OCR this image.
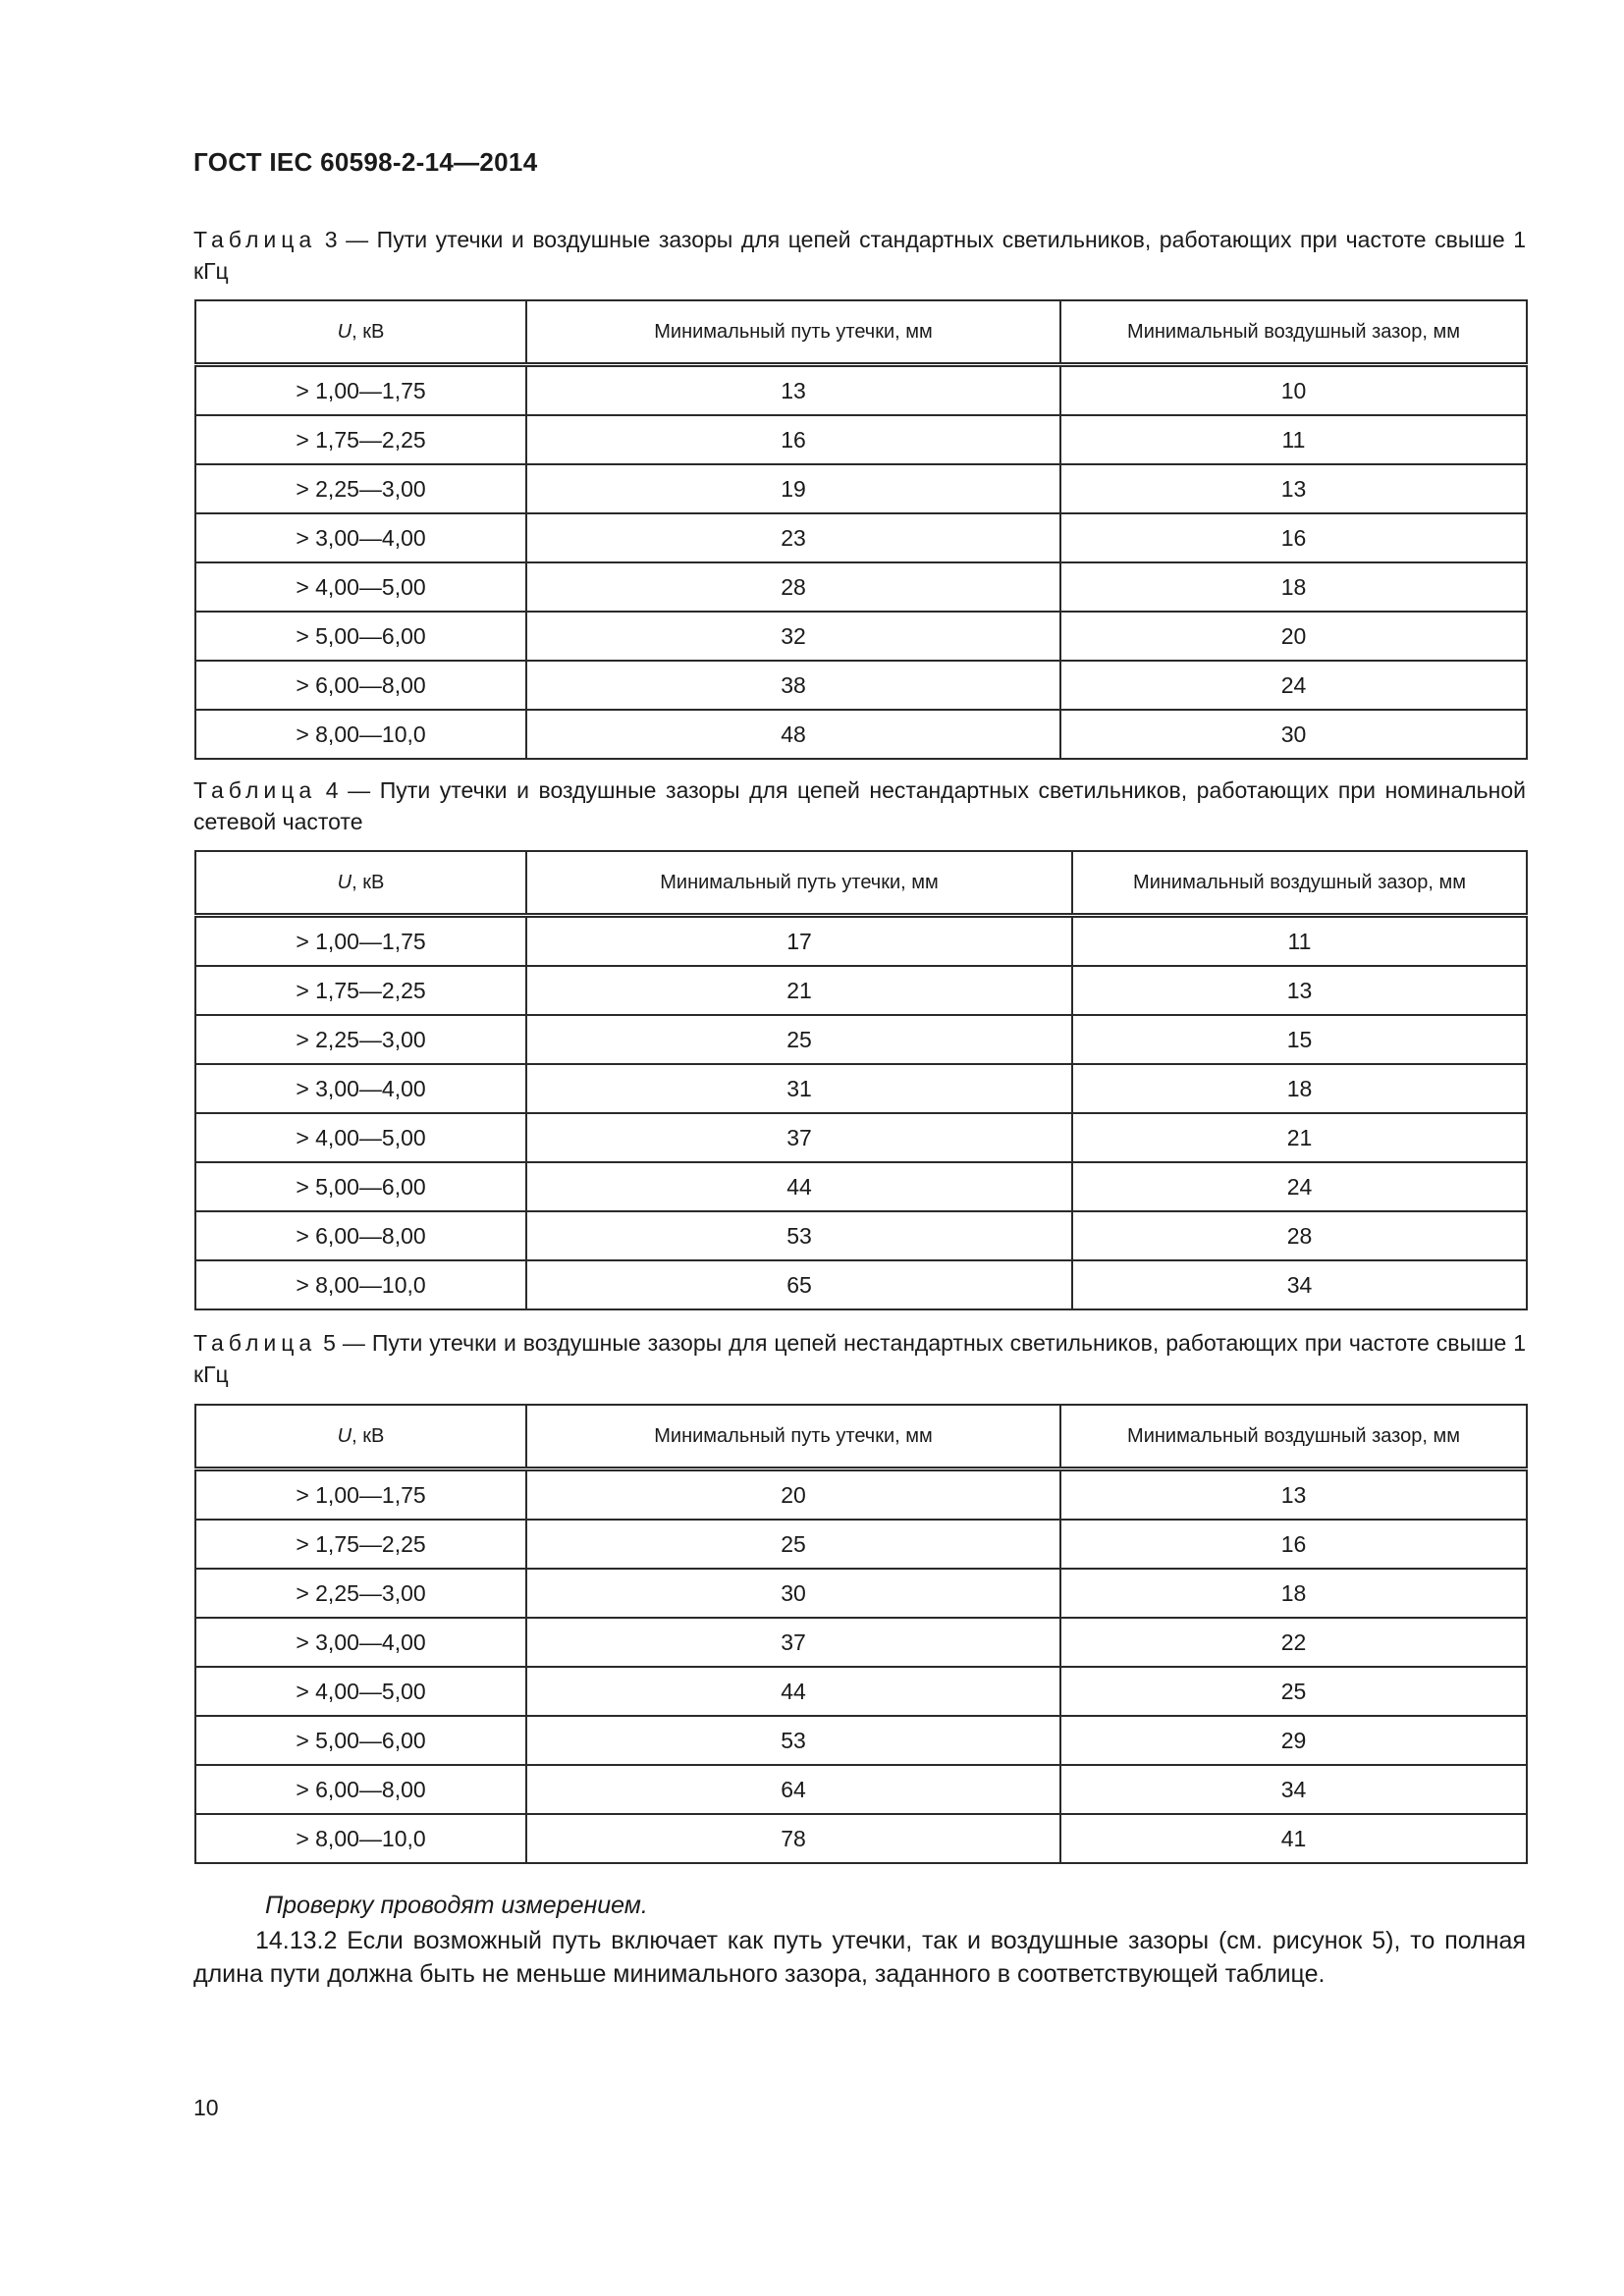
ГОСТ IEC 60598-2-14—2014
Таблица 3 — Пути утечки и воздушные зазоры для цепей стандартных светильников, работающих при частоте свыше 1 кГц
U, кВ	Минимальный путь утечки, мм	Минимальный воздушный зазор, мм
> 1,00—1,75	13	10
> 1,75—2,25	16	11
> 2,25—3,00	19	13
> 3,00—4,00	23	16
> 4,00—5,00	28	18
> 5,00—6,00	32	20
> 6,00—8,00	38	24
> 8,00—10,0	48	30
Таблица 4 — Пути утечки и воздушные зазоры для цепей нестандартных светильников, работающих при номинальной сетевой частоте
U, кВ	Минимальный путь утечки, мм	Минимальный воздушный зазор, мм
> 1,00—1,75	17	11
> 1,75—2,25	21	13
> 2,25—3,00	25	15
> 3,00—4,00	31	18
> 4,00—5,00	37	21
> 5,00—6,00	44	24
> 6,00—8,00	53	28
> 8,00—10,0	65	34
Таблица 5 — Пути утечки и воздушные зазоры для цепей нестандартных светильников, работающих при частоте свыше 1 кГц
U, кВ	Минимальный путь утечки, мм	Минимальный воздушный зазор, мм
> 1,00—1,75	20	13
> 1,75—2,25	25	16
> 2,25—3,00	30	18
> 3,00—4,00	37	22
> 4,00—5,00	44	25
> 5,00—6,00	53	29
> 6,00—8,00	64	34
> 8,00—10,0	78	41
Проверку проводят измерением.
14.13.2 Если возможный путь включает как путь утечки, так и воздушные зазоры (см. рисунок 5), то полная длина пути должна быть не меньше минимального зазора, заданного в соответствующей таблице.
10
